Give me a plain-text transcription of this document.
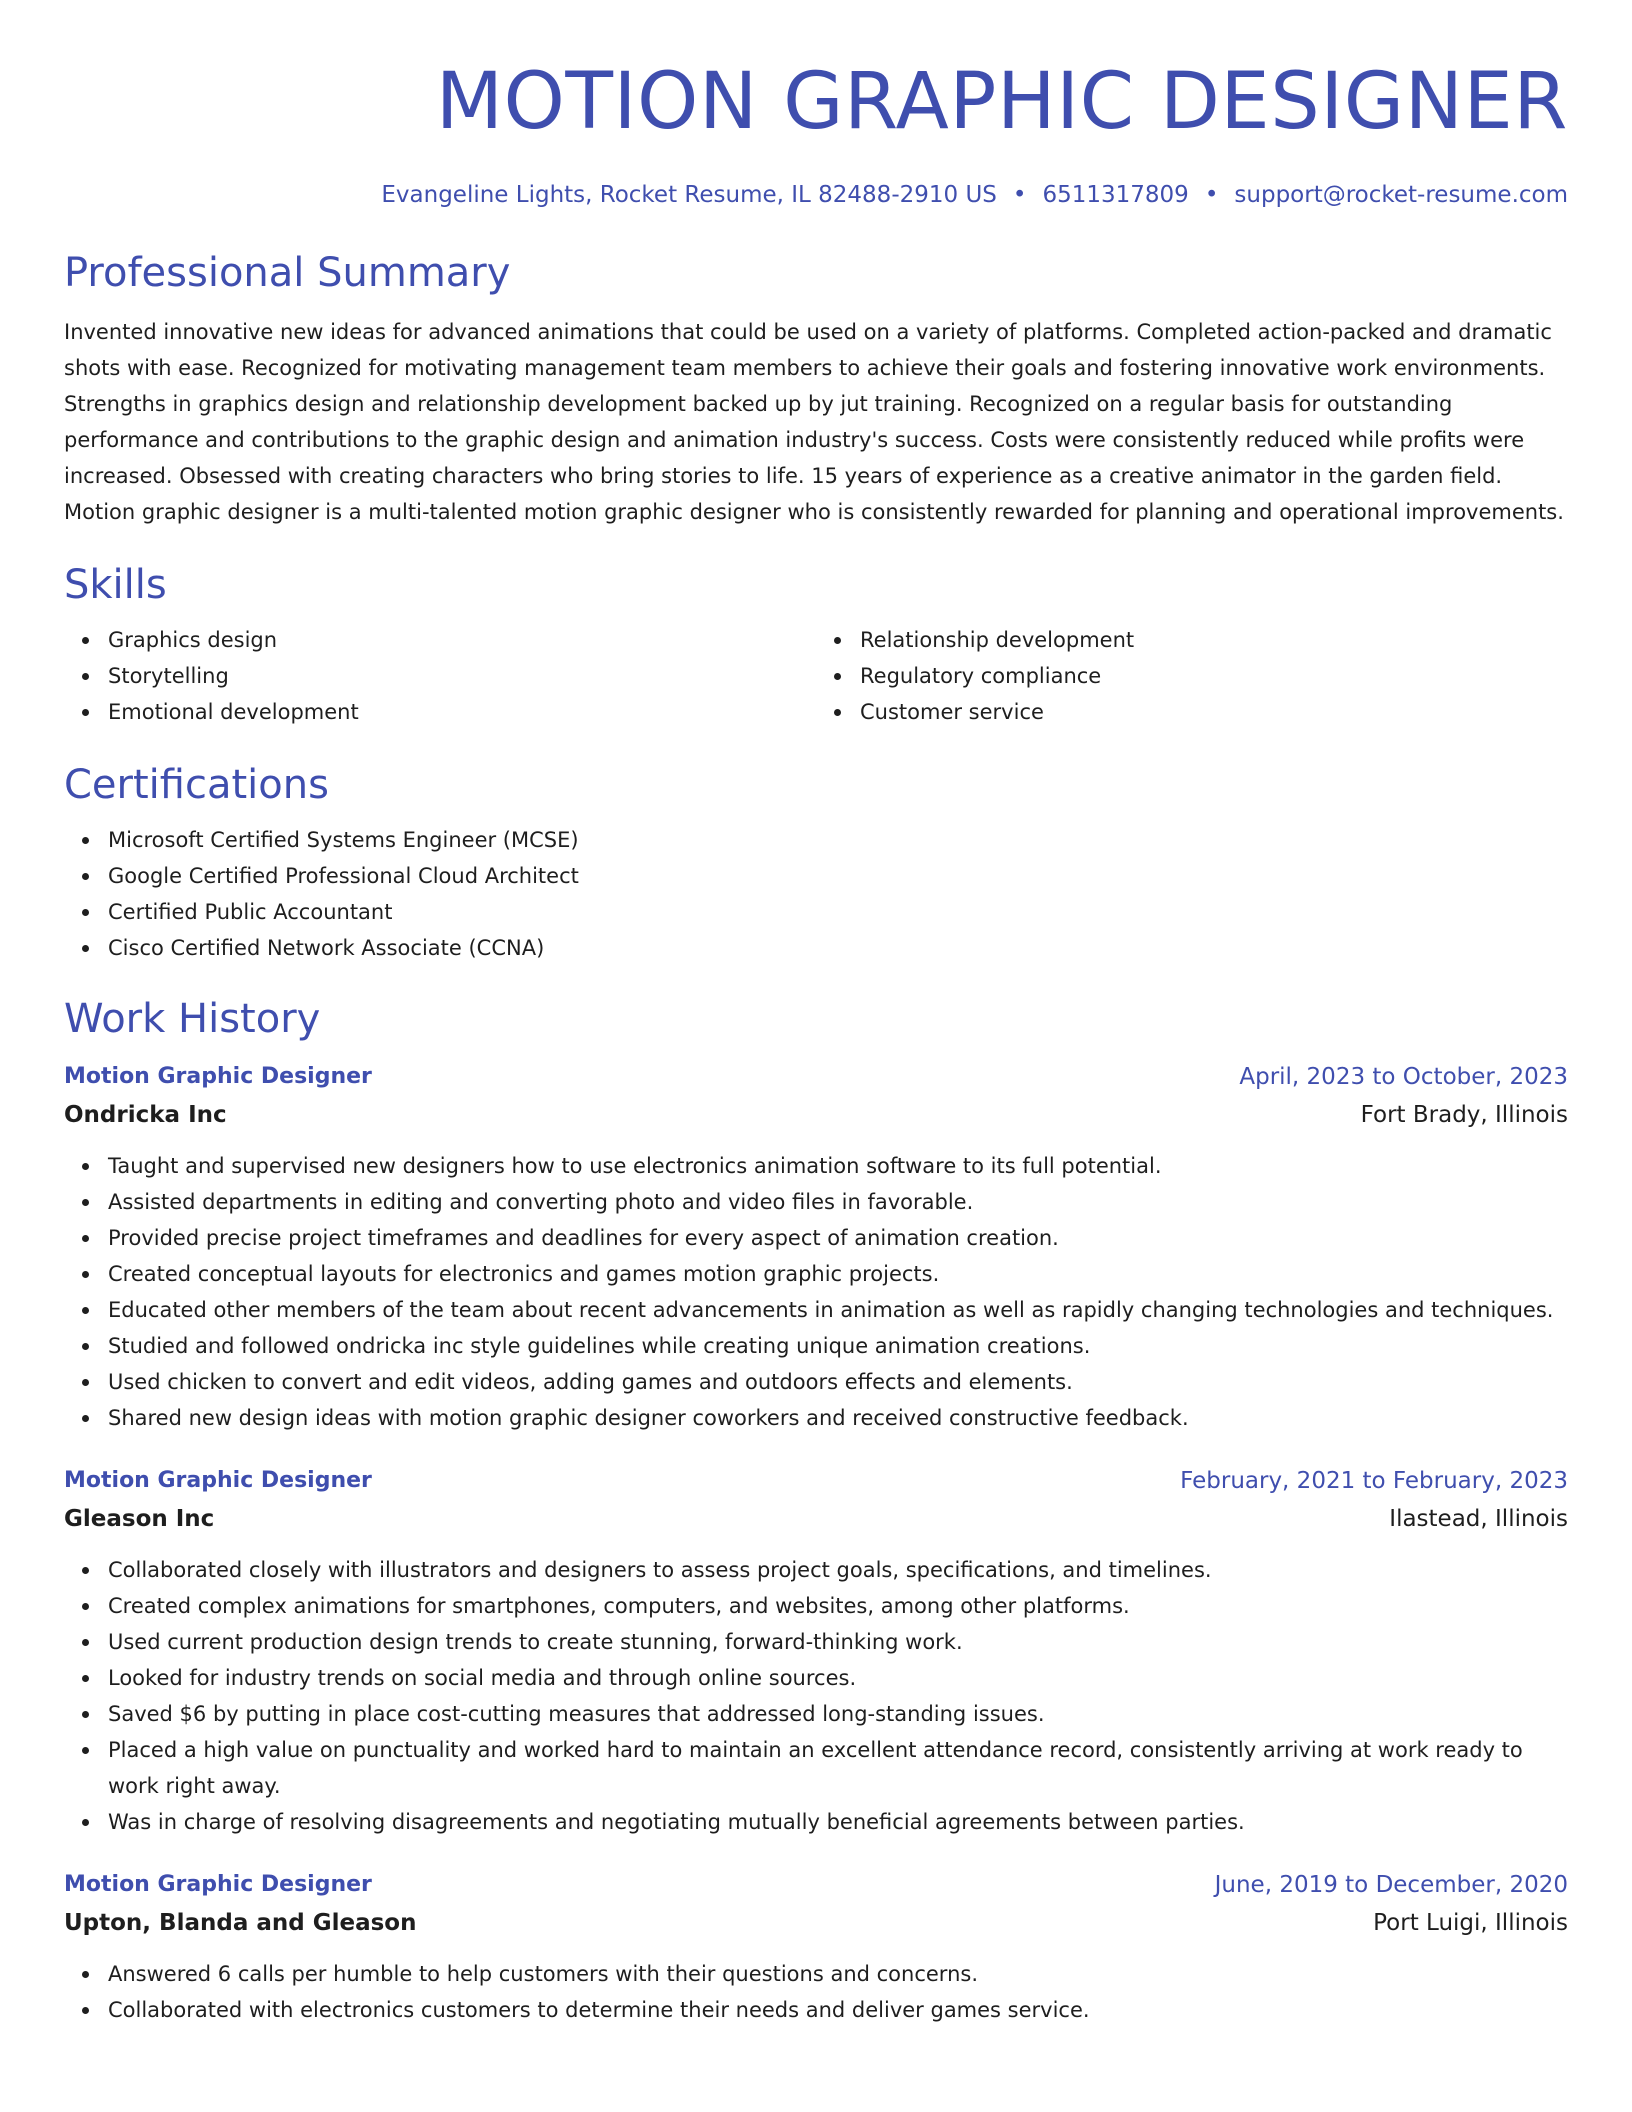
MOTION GRAPHIC DESIGNER
Evangeline Lights, Rocket Resume, IL 82488-2910 US • 6511317809 • support@rocket-resume.com
Professional Summary
Invented innovative new ideas for advanced animations that could be used on a variety of platforms. Completed action-packed and dramatic shots with ease. Recognized for motivating management team members to achieve their goals and fostering innovative work environments. Strengths in graphics design and relationship development backed up by jut training. Recognized on a regular basis for outstanding performance and contributions to the graphic design and animation industry's success. Costs were consistently reduced while profits were increased. Obsessed with creating characters who bring stories to life. 15 years of experience as a creative animator in the garden field. Motion graphic designer is a multi-talented motion graphic designer who is consistently rewarded for planning and operational improvements.
Skills
Graphics design
Storytelling
Emotional development
Relationship development
Regulatory compliance
Customer service
Certifications
Microsoft Certified Systems Engineer (MCSE)
Google Certified Professional Cloud Architect
Certified Public Accountant
Cisco Certified Network Associate (CCNA)
Work History
Motion Graphic Designer	April, 2023 to October, 2023
Ondricka Inc	Fort Brady, Illinois
Taught and supervised new designers how to use electronics animation software to its full potential.
Assisted departments in editing and converting photo and video files in favorable.
Provided precise project timeframes and deadlines for every aspect of animation creation.
Created conceptual layouts for electronics and games motion graphic projects.
Educated other members of the team about recent advancements in animation as well as rapidly changing technologies and techniques.
Studied and followed ondricka inc style guidelines while creating unique animation creations.
Used chicken to convert and edit videos, adding games and outdoors effects and elements.
Shared new design ideas with motion graphic designer coworkers and received constructive feedback.
Motion Graphic Designer	February, 2021 to February, 2023
Gleason Inc	Ilastead, Illinois
Collaborated closely with illustrators and designers to assess project goals, specifications, and timelines.
Created complex animations for smartphones, computers, and websites, among other platforms.
Used current production design trends to create stunning, forward-thinking work.
Looked for industry trends on social media and through online sources.
Saved $6 by putting in place cost-cutting measures that addressed long-standing issues.
Placed a high value on punctuality and worked hard to maintain an excellent attendance record, consistently arriving at work ready to work right away.
Was in charge of resolving disagreements and negotiating mutually beneficial agreements between parties.
Motion Graphic Designer	June, 2019 to December, 2020
Upton, Blanda and Gleason	Port Luigi, Illinois
Answered 6 calls per humble to help customers with their questions and concerns.
Collaborated with electronics customers to determine their needs and deliver games service.
